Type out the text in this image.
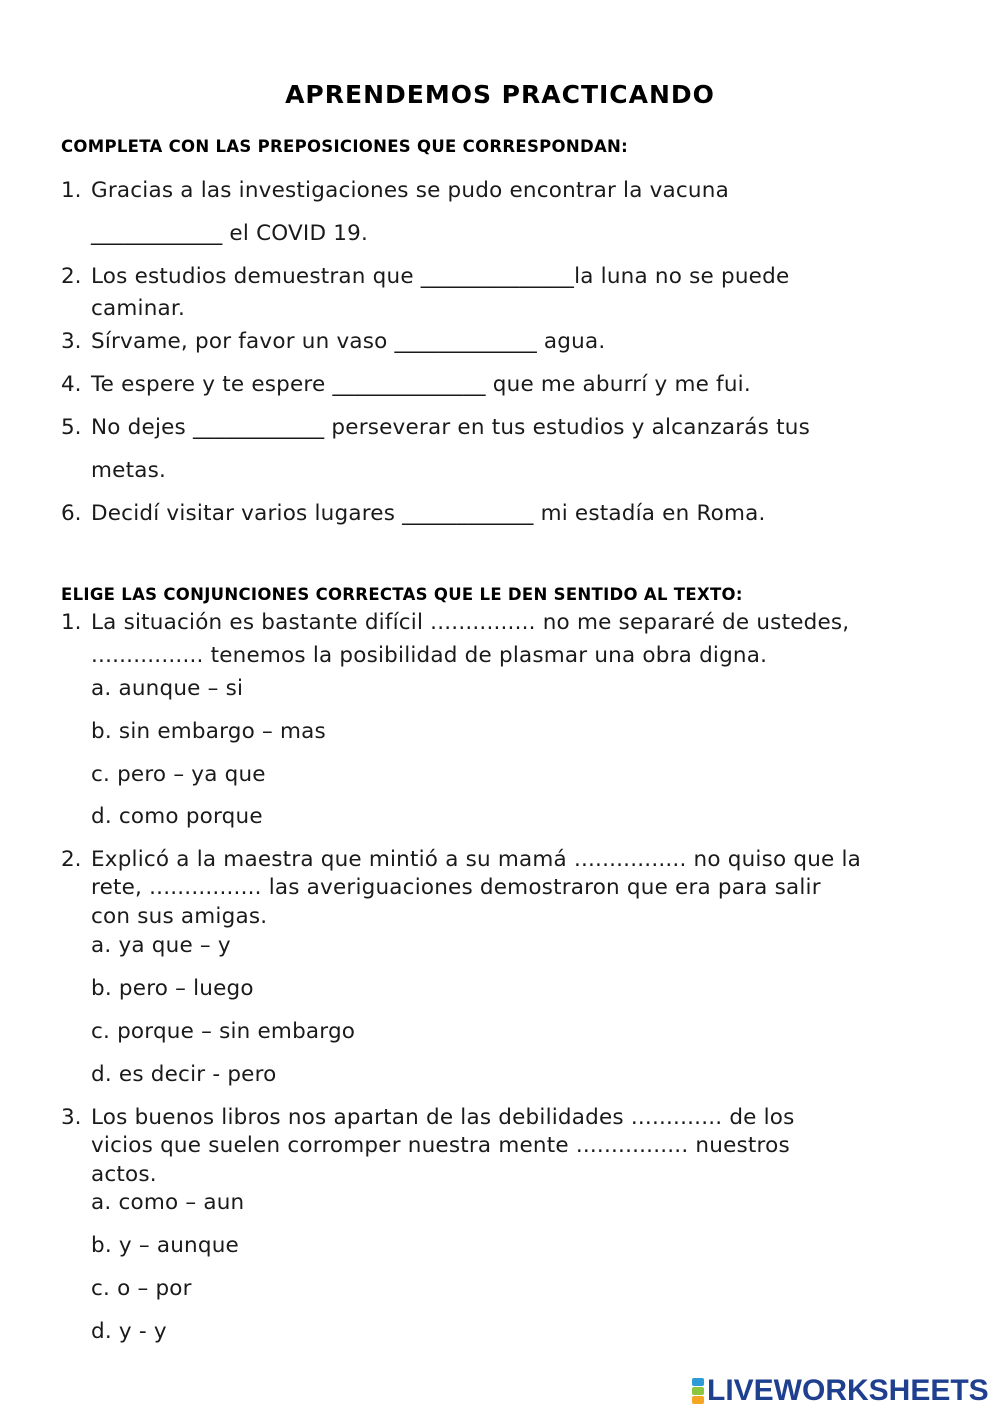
APRENDEMOS PRACTICANDO
COMPLETA CON LAS PREPOSICIONES QUE CORRESPONDAN:
1. Gracias a las investigaciones se pudo encontrar la vacuna
____________ el COVID 19.
2. Los estudios demuestran que ______________la luna no se puede
caminar.
3. Sírvame, por favor un vaso _____________ agua.
4. Te espere y te espere ______________ que me aburrí y me fui.
5. No dejes ____________ perseverar en tus estudios y alcanzarás tus
metas.
6. Decidí visitar varios lugares ____________ mi estadía en Roma.
ELIGE LAS CONJUNCIONES CORRECTAS QUE LE DEN SENTIDO AL TEXTO:
1. La situación es bastante difícil ............... no me separaré de ustedes,
................ tenemos la posibilidad de plasmar una obra digna.
a. aunque – si
b. sin embargo – mas
c. pero – ya que
d. como porque
2. Explicó a la maestra que mintió a su mamá ................ no quiso que la
rete, ................ las averiguaciones demostraron que era para salir
con sus amigas.
a. ya que – y
b. pero – luego
c. porque – sin embargo
d. es decir - pero
3. Los buenos libros nos apartan de las debilidades ............. de los
vicios que suelen corromper nuestra mente ................ nuestros
actos.
a. como – aun
b. y – aunque
c. o – por
d. y - y
LIVEWORKSHEETS
